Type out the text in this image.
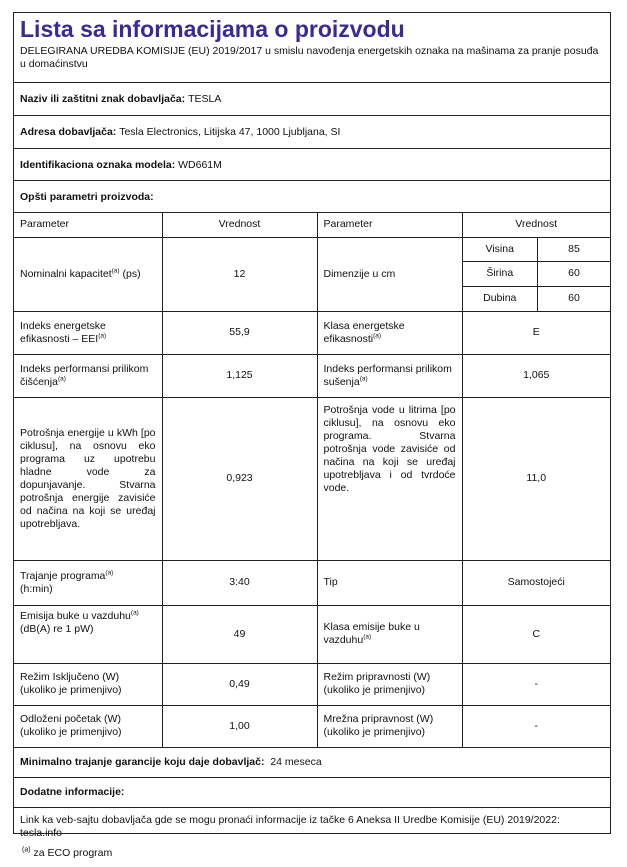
Lista sa informacijama o proizvodu

DELEGIRANA UREDBA KOMISIJE (EU) 2019/2017 u smislu navođenja energetskih oznaka na mašinama za pranje posuđa u domaćinstvu

Naziv ili zaštitni znak dobavljača:
TESLA
Adresa dobavljača:
Tesla Electronics, Litijska 47, 1000 Ljubljana, SI
Identifikaciona oznaka modela:
WD661M
Opšti parametri proizvoda:
Parameter	Vrednost	Parameter	Vrednost
Nominalni kapacitet$^{(a)}$ (ps)	12	Dimenzije u cm	
Visina	85
Širina	60
Dubina	60

Indeks energetske efikasnosti – EEI$^{(a)}$	55,9	Klasa energetske efikasnosti$^{(a)}$	E
Indeks performansi prilikom čišćenja$^{(a)}$	1,125	Indeks performansi prilikom sušenja$^{(a)}$	1,065
Potrošnja energije u kWh [po ciklusu], na osnovu eko programa uz upotrebu hladne vode za dopunjavanje. Stvarna potrošnja energije zavisiće od načina na koji se uređaj upotrebljava.	0,923	Potrošnja vode u litrima [po ciklusu], na osnovu eko programa. Stvarna potrošnja vode zavisiće od načina na koji se uređaj upotrebljava i od tvrdoće vode.	11,0
Trajanje programa$^{(a)}$
(h:min)	3:40	Tip	Samostojeći
Emisija buke u vazduhu$^{(a)}$
(dB(A) re 1 pW)	49	Klasa emisije buke u vazduhu$^{(a)}$	C
Režim Isključeno (W)
(ukoliko je primenjivo)	0,49	Režim pripravnosti (W)
(ukoliko je primenjivo)	-
Odloženi početak (W)
(ukoliko je primenjivo)	1,00	Mrežna pripravnost (W)
(ukoliko je primenjivo)	-
Minimalno trajanje garancije koju daje dobavljač:
24 meseca
Dodatne informacije:
Link ka veb-sajtu dobavljača gde se mogu pronaći informacije iz tačke 6 Aneksa II Uredbe Komisije (EU) 2019/2022:
tesla.info
$^{(a)}$ za ECO program
